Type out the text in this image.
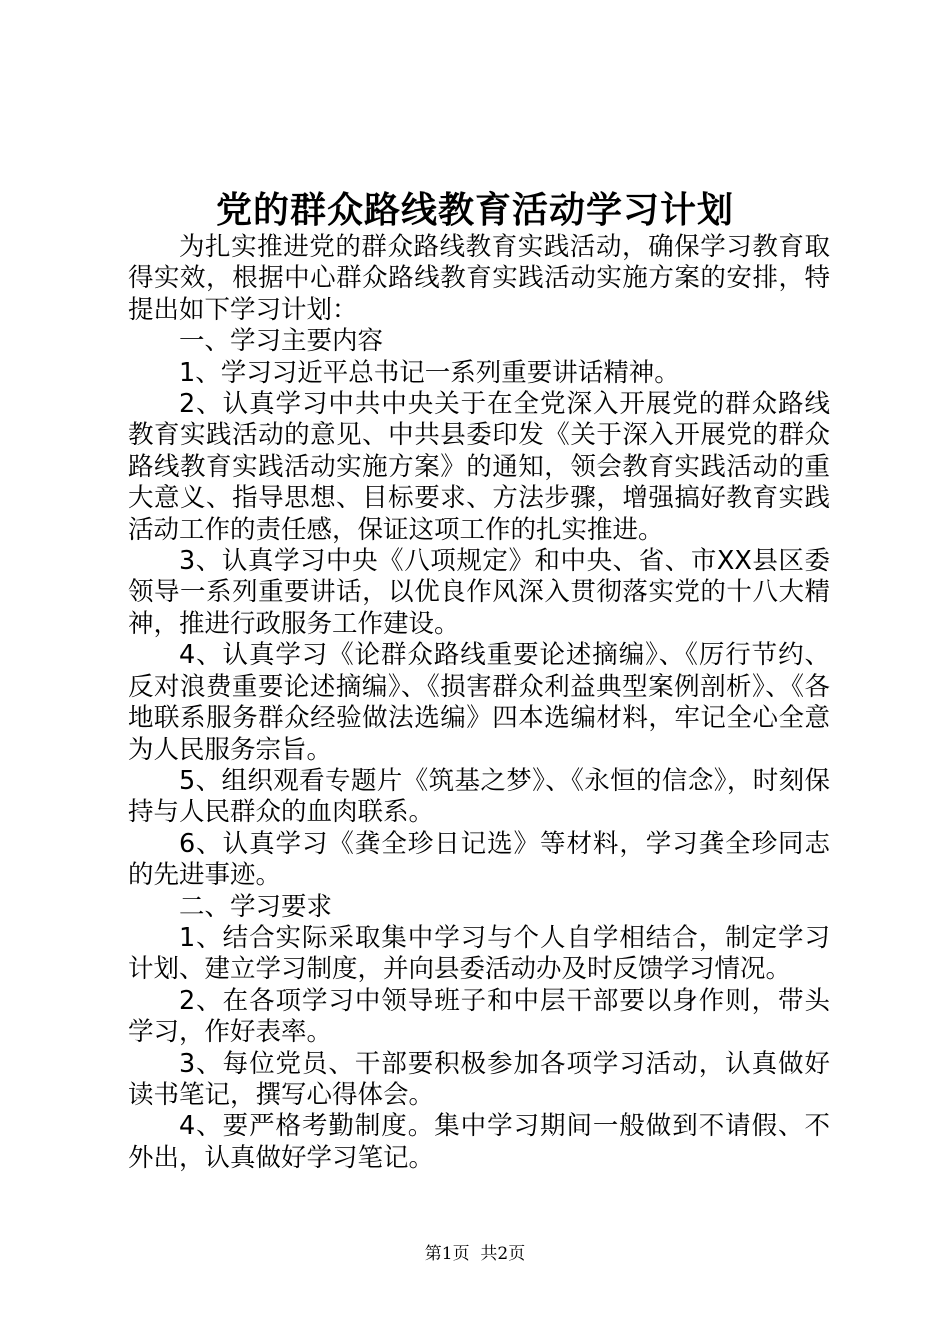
党的群众路线教育活动学习计划

为扎实推进党的群众路线教育实践活动，确保学习教育取得实效，根据中心群众路线教育实践活动实施方案的安排，特提出如下学习计划：

一、学习主要内容

1、学习习近平总书记一系列重要讲话精神。

2、认真学习中共中央关于在全党深入开展党的群众路线教育实践活动的意见、中共县委印发《关于深入开展党的群众路线教育实践活动实施方案》的通知，领会教育实践活动的重大意义、指导思想、目标要求、方法步骤，增强搞好教育实践活动工作的责任感，保证这项工作的扎实推进。

3、认真学习中央《八项规定》和中央、省、市XX县区委领导一系列重要讲话，以优良作风深入贯彻落实党的十八大精神，推进行政服务工作建设。

4、认真学习《论群众路线重要论述摘编》、《厉行节约、反对浪费重要论述摘编》、《损害群众利益典型案例剖析》、《各地联系服务群众经验做法选编》四本选编材料，牢记全心全意为人民服务宗旨。

5、组织观看专题片《筑基之梦》、《永恒的信念》，时刻保持与人民群众的血肉联系。

6、认真学习《龚全珍日记选》等材料，学习龚全珍同志的先进事迹。

二、学习要求

1、结合实际采取集中学习与个人自学相结合，制定学习计划、建立学习制度，并向县委活动办及时反馈学习情况。

2、在各项学习中领导班子和中层干部要以身作则，带头学习，作好表率。

3、每位党员、干部要积极参加各项学习活动，认真做好读书笔记，撰写心得体会。

4、要严格考勤制度。集中学习期间一般做到不请假、不外出，认真做好学习笔记。

第1页  共2页
